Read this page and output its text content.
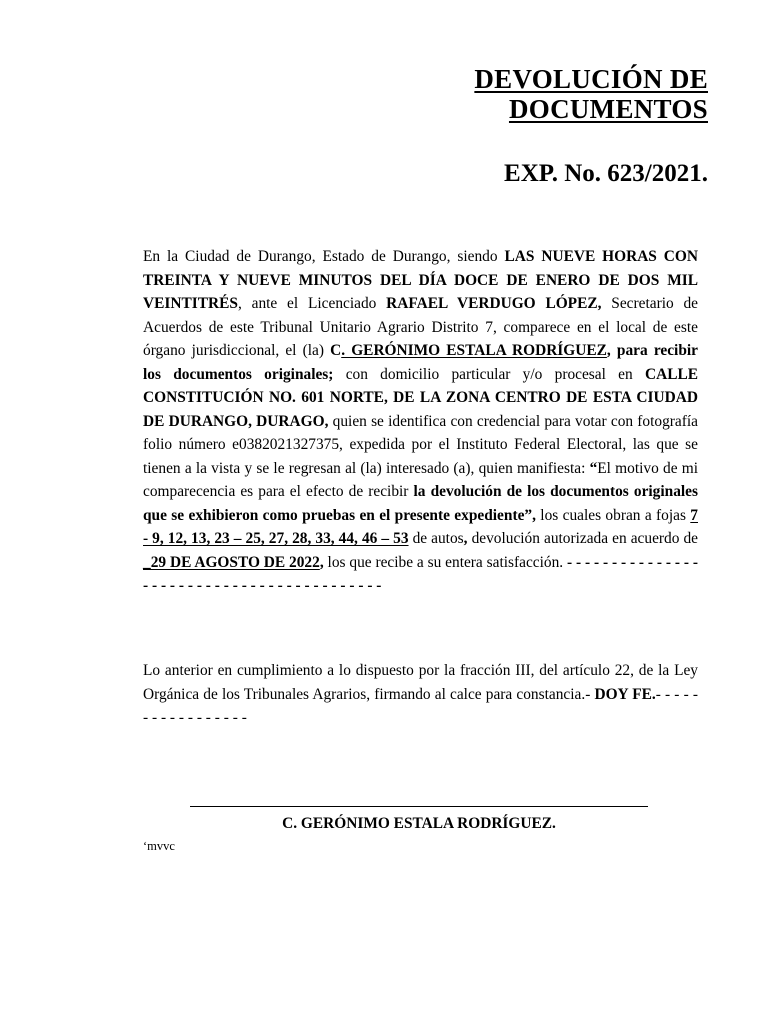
DEVOLUCIÓN DE
DOCUMENTOS
EXP. No. 623/2021.
En la Ciudad de Durango, Estado de Durango, siendo LAS NUEVE HORAS CON TREINTA Y NUEVE MINUTOS DEL DÍA DOCE DE ENERO DE DOS MIL VEINTITRÉS, ante el Licenciado RAFAEL VERDUGO LÓPEZ, Secretario de Acuerdos de este Tribunal Unitario Agrario Distrito 7, comparece en el local de este órgano jurisdiccional, el (la) C. GERÓNIMO ESTALA RODRÍGUEZ, para recibir los documentos originales; con domicilio particular y/o procesal en CALLE CONSTITUCIÓN NO. 601 NORTE, DE LA ZONA CENTRO DE ESTA CIUDAD DE DURANGO, DURAGO, quien se identifica con credencial para votar con fotografía folio número e0382021327375, expedida por el Instituto Federal Electoral, las que se tienen a la vista y se le regresan al (la) interesado (a), quien manifiesta: “El motivo de mi comparecencia es para el efecto de recibir la devolución de los documentos originales que se exhibieron como pruebas en el presente expediente”, los cuales obran a fojas 7 - 9, 12, 13, 23 – 25, 27, 28, 33, 44, 46 – 53 de autos, devolución autorizada en acuerdo de _29 DE AGOSTO DE 2022, los que recibe a su entera satisfacción. - - - - - - - - - - - - - - - - - - - - - - - - - - - - - - - - - - - - - - - - - -
Lo anterior en cumplimiento a lo dispuesto por la fracción III, del artículo 22, de la Ley Orgánica de los Tribunales Agrarios, firmando al calce para constancia.- DOY FE.- - - - - - - - - - - - - - - - -
C. GERÓNIMO ESTALA RODRÍGUEZ.
‘mvvc
